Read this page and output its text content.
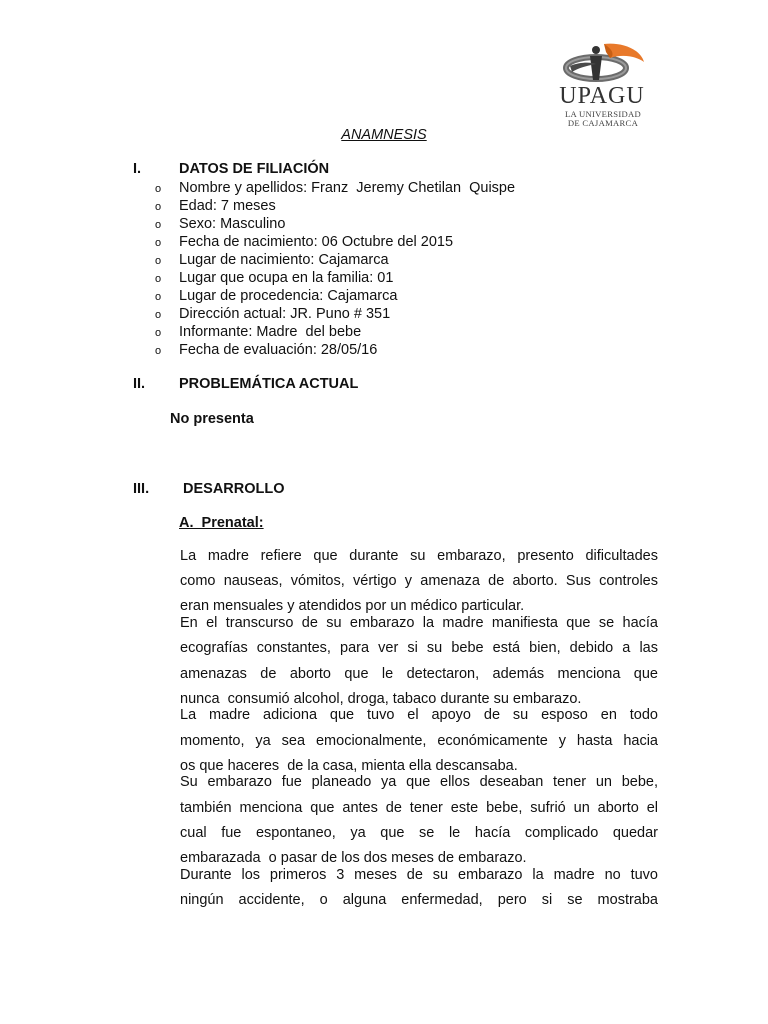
UPAGU
LA UNIVERSIDAD
DE CAJAMARCA
ANAMNESIS
I.	DATOS DE FILIACIÓN
o Nombre y apellidos: Franz  Jeremy Chetilan  Quispe
o Edad: 7 meses
o Sexo: Masculino
o Fecha de nacimiento: 06 Octubre del 2015
o Lugar de nacimiento: Cajamarca
o Lugar que ocupa en la familia: 01
o Lugar de procedencia: Cajamarca
o Dirección actual: JR. Puno # 351
o Informante: Madre  del bebe
o Fecha de evaluación: 28/05/16
II. PROBLEMÁTICA ACTUAL
No presenta
III. DESARROLLO
A.  Prenatal:
La madre refiere que durante su embarazo, presento dificultades
como nauseas, vómitos, vértigo y amenaza de aborto. Sus controles
eran mensuales y atendidos por un médico particular.
En el transcurso de su embarazo la madre manifiesta que se hacía
ecografías constantes, para ver si su bebe está bien, debido a las
amenazas de aborto que le detectaron, además menciona que
nunca  consumió alcohol, droga, tabaco durante su embarazo.
La madre adiciona que tuvo el apoyo de su esposo en todo
momento, ya sea emocionalmente, económicamente y hasta hacia
os que haceres  de la casa, mienta ella descansaba.
Su embarazo fue planeado ya que ellos deseaban tener un bebe,
también menciona que antes de tener este bebe, sufrió un aborto el
cual fue espontaneo, ya que se le hacía complicado quedar
embarazada  o pasar de los dos meses de embarazo.
Durante los primeros 3 meses de su embarazo la madre no tuvo
ningún accidente, o alguna enfermedad, pero si se mostraba
